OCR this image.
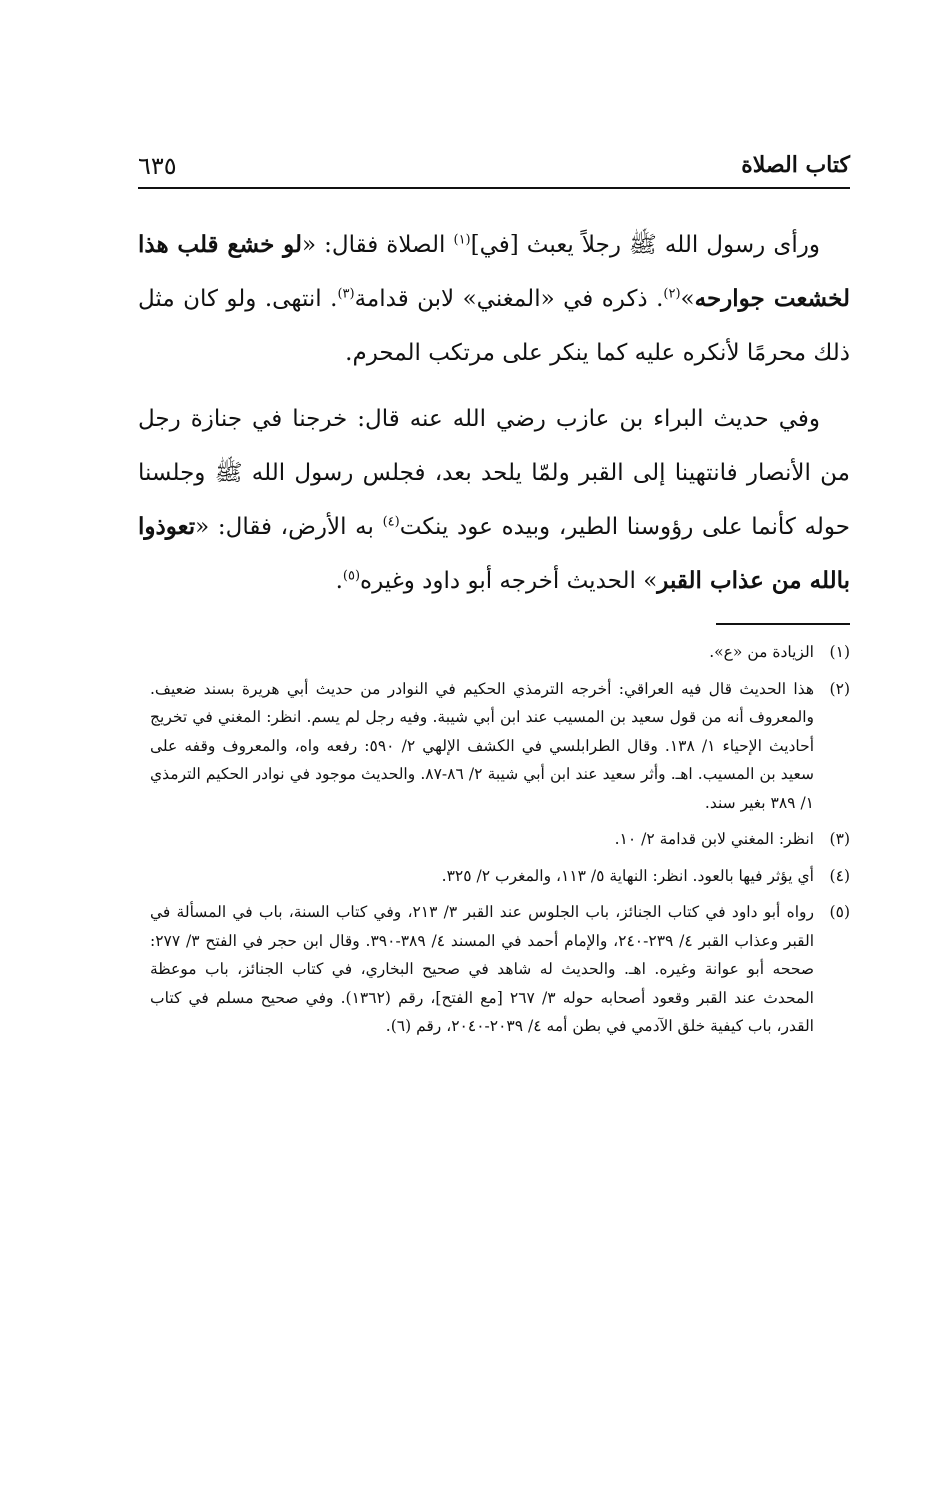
كتاب الصلاة
٦٣٥

ورأى رسول الله ﷺ رجلاً يعبث [في]$^{(١)}$ الصلاة فقال: «لو خشع قلب هذا لخشعت جوارحه»$^{(٢)}$. ذكره في «المغني» لابن قدامة$^{(٣)}$. انتهى. ولو كان مثل ذلك محرمًا لأنكره عليه كما ينكر على مرتكب المحرم.

وفي حديث البراء بن عازب رضي الله عنه قال: خرجنا في جنازة رجل من الأنصار فانتهينا إلى القبر ولمّا يلحد بعد، فجلس رسول الله ﷺ وجلسنا حوله كأنما على رؤوسنا الطير، وبيده عود ينكت$^{(٤)}$ به الأرض، فقال: «تعوذوا بالله من عذاب القبر» الحديث أخرجه أبو داود وغيره$^{(٥)}$.

(١)
الزيادة من «ع».
(٢)
هذا الحديث قال فيه العراقي: أخرجه الترمذي الحكيم في النوادر من حديث أبي هريرة بسند ضعيف. والمعروف أنه من قول سعيد بن المسيب عند ابن أبي شيبة. وفيه رجل لم يسم. انظر: المغني في تخريج أحاديث الإحياء ١/ ١٣٨. وقال الطرابلسي في الكشف الإلهي ٢/ ٥٩٠: رفعه واه، والمعروف وقفه على سعيد بن المسيب. اهـ. وأثر سعيد عند ابن أبي شيبة ٢/ ٨٦-٨٧. والحديث موجود في نوادر الحكيم الترمذي ١/ ٣٨٩ بغير سند.
(٣)
انظر: المغني لابن قدامة ٢/ ١٠.
(٤)
أي يؤثر فيها بالعود. انظر: النهاية ٥/ ١١٣، والمغرب ٢/ ٣٢٥.
(٥)
رواه أبو داود في كتاب الجنائز، باب الجلوس عند القبر ٣/ ٢١٣، وفي كتاب السنة، باب في المسألة في القبر وعذاب القبر ٤/ ٢٣٩-٢٤٠، والإمام أحمد في المسند ٤/ ٣٨٩-٣٩٠. وقال ابن حجر في الفتح ٣/ ٢٧٧: صححه أبو عوانة وغيره. اهـ. والحديث له شاهد في صحيح البخاري، في كتاب الجنائز، باب موعظة المحدث عند القبر وقعود أصحابه حوله ٣/ ٢٦٧ [مع الفتح]، رقم (١٣٦٢). وفي صحيح مسلم في كتاب القدر، باب كيفية خلق الآدمي في بطن أمه ٤/ ٢٠٣٩-٢٠٤٠، رقم (٦).
